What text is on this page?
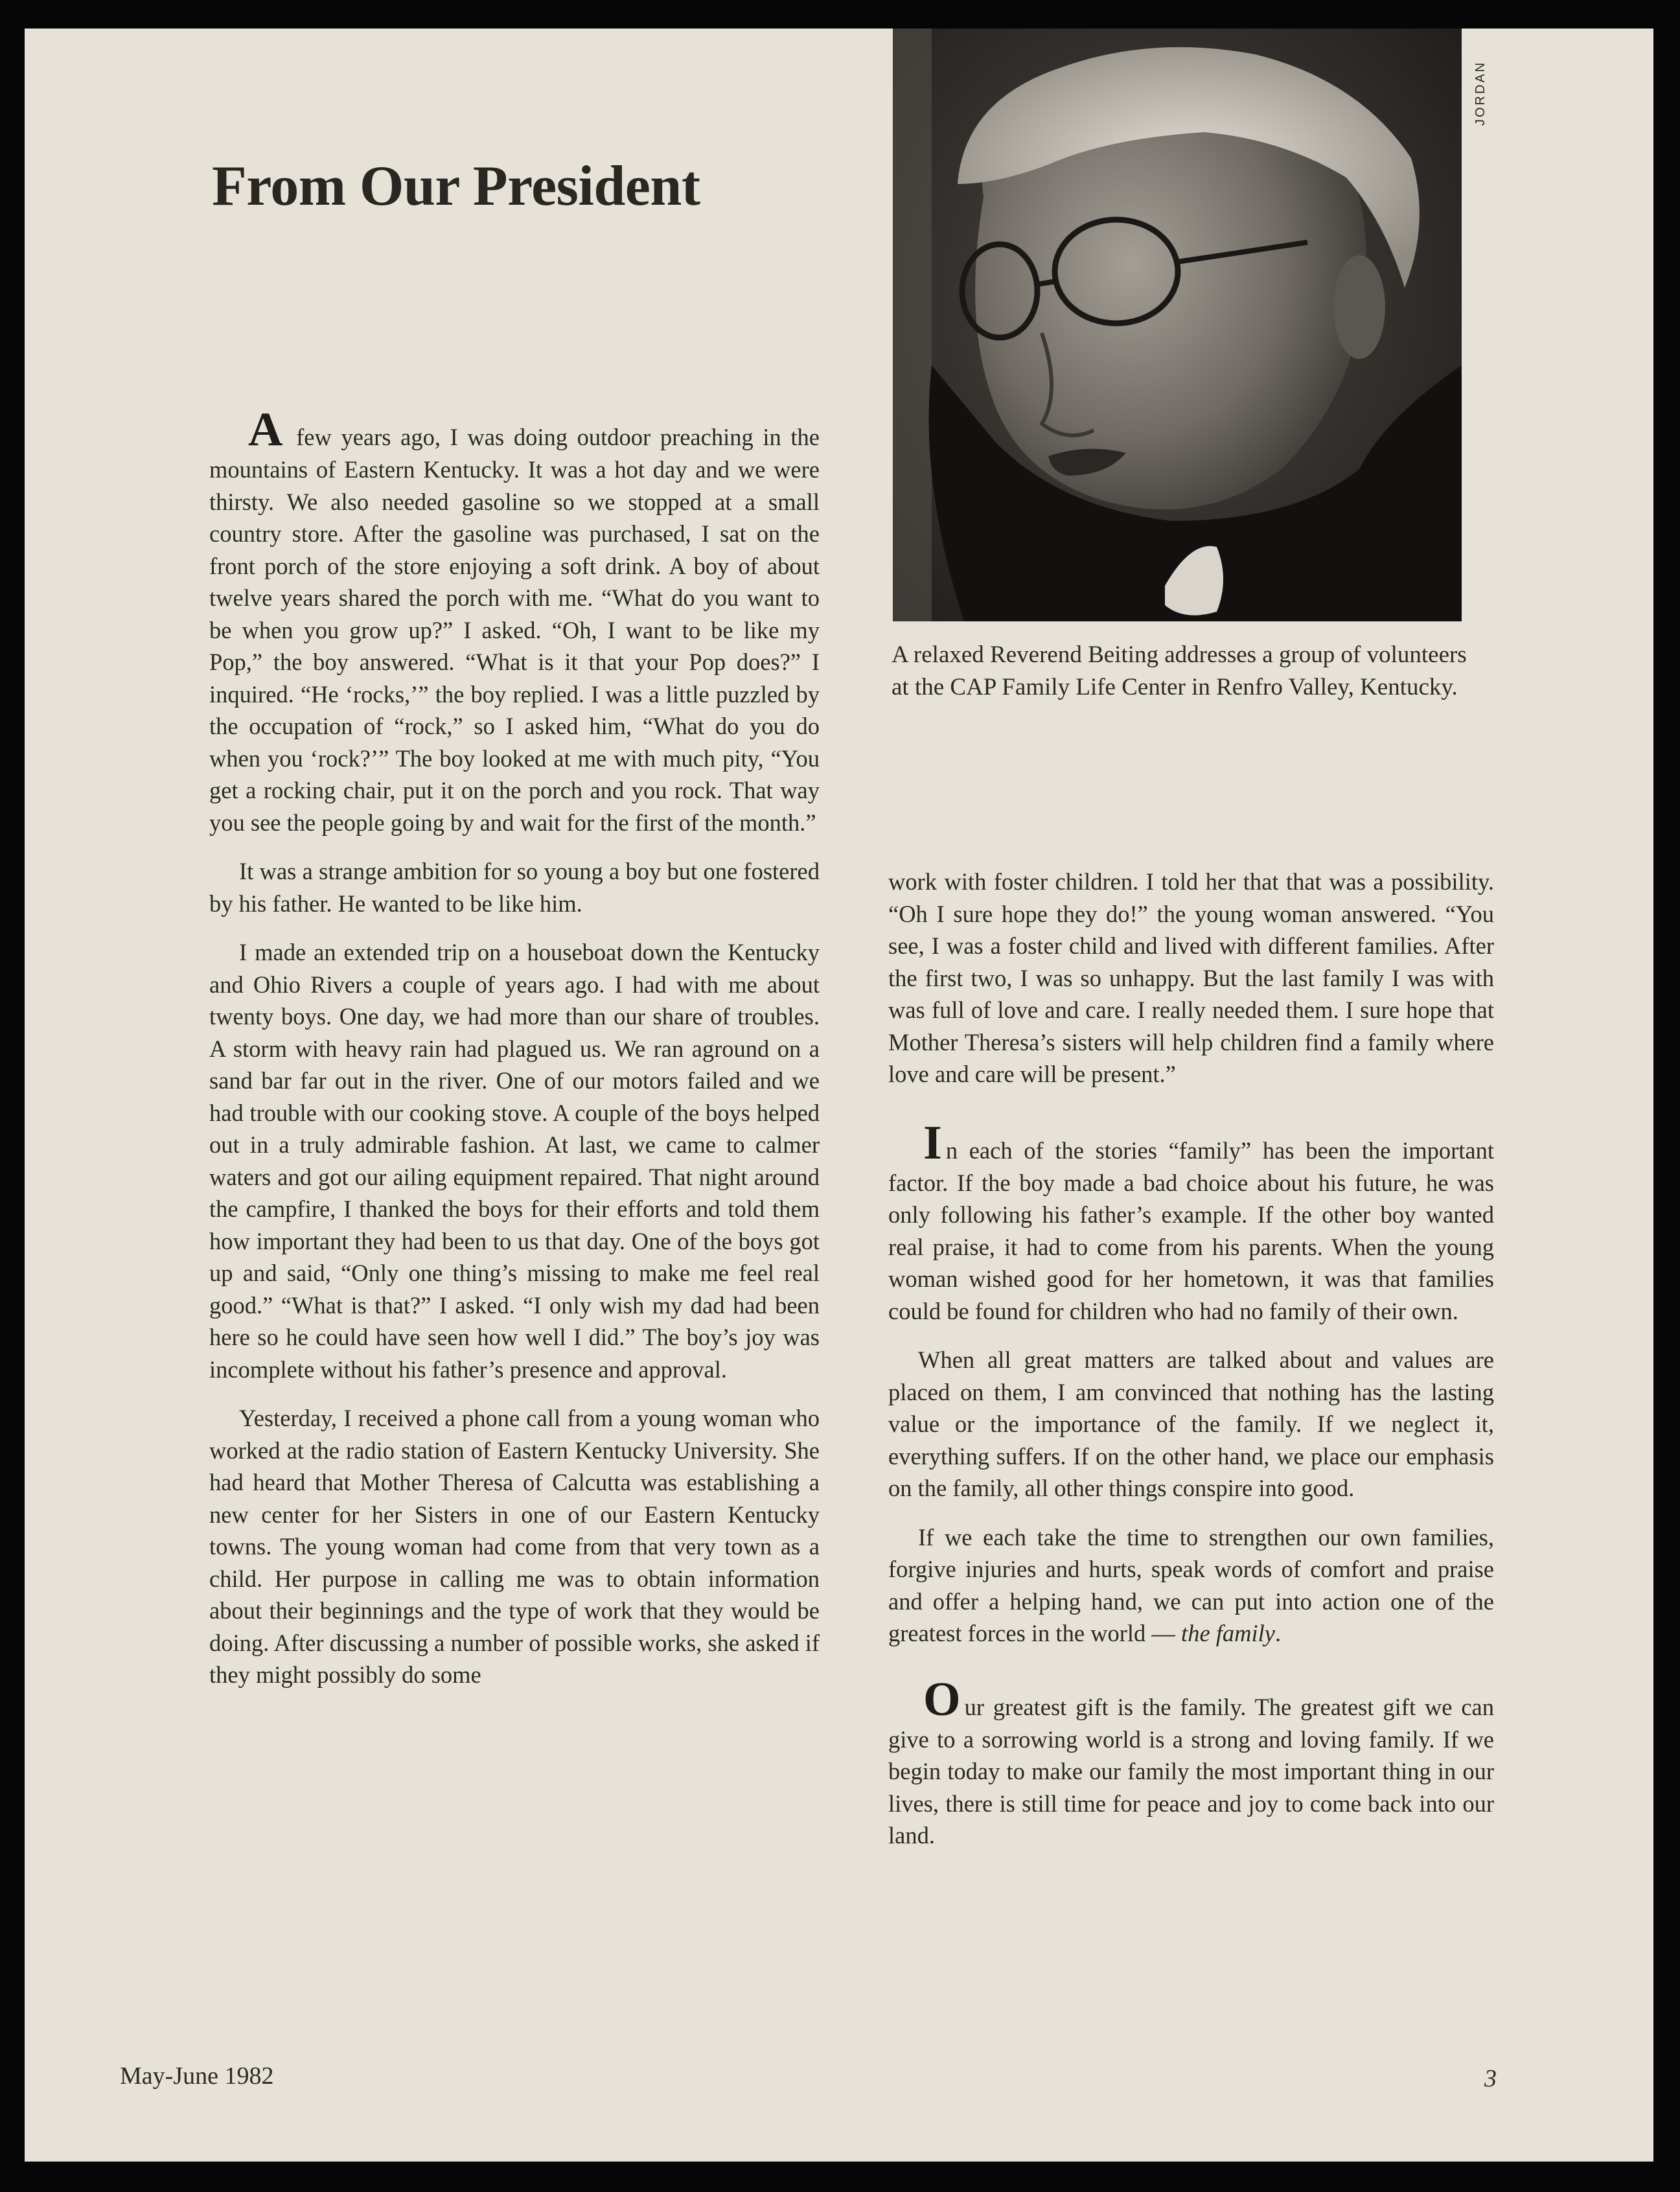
From Our President
JORDAN

A relaxed Reverend Beiting addresses a group of volunteers at the CAP Family Life Center in Renfro Valley, Kentucky.

A few years ago, I was doing outdoor preaching in the mountains of Eastern Kentucky. It was a hot day and we were thirsty. We also needed gasoline so we stopped at a small country store. After the gasoline was purchased, I sat on the front porch of the store enjoying a soft drink. A boy of about twelve years shared the porch with me. “What do you want to be when you grow up?” I asked. “Oh, I want to be like my Pop,” the boy answered. “What is it that your Pop does?” I inquired. “He ‘rocks,’” the boy replied. I was a little puzzled by the occupation of “rock,” so I asked him, “What do you do when you ‘rock?’” The boy looked at me with much pity, “You get a rocking chair, put it on the porch and you rock. That way you see the people going by and wait for the first of the month.”

It was a strange ambition for so young a boy but one fostered by his father. He wanted to be like him.

I made an extended trip on a houseboat down the Kentucky and Ohio Rivers a couple of years ago. I had with me about twenty boys. One day, we had more than our share of troubles. A storm with heavy rain had plagued us. We ran aground on a sand bar far out in the river. One of our motors failed and we had trouble with our cooking stove. A couple of the boys helped out in a truly admirable fashion. At last, we came to calmer waters and got our ailing equipment repaired. That night around the campfire, I thanked the boys for their efforts and told them how important they had been to us that day. One of the boys got up and said, “Only one thing’s missing to make me feel real good.” “What is that?” I asked. “I only wish my dad had been here so he could have seen how well I did.” The boy’s joy was incomplete without his father’s presence and approval.

Yesterday, I received a phone call from a young woman who worked at the radio station of Eastern Kentucky University. She had heard that Mother Theresa of Calcutta was establishing a new center for her Sisters in one of our Eastern Kentucky towns. The young woman had come from that very town as a child. Her purpose in calling me was to obtain information about their beginnings and the type of work that they would be doing. After discussing a number of possible works, she asked if they might possibly do some

work with foster children. I told her that that was a possibility. “Oh I sure hope they do!” the young woman answered. “You see, I was a foster child and lived with different families. After the first two, I was so unhappy. But the last family I was with was full of love and care. I really needed them. I sure hope that Mother Theresa’s sisters will help children find a family where love and care will be present.”

In each of the stories “family” has been the important factor. If the boy made a bad choice about his future, he was only following his father’s example. If the other boy wanted real praise, it had to come from his parents. When the young woman wished good for her hometown, it was that families could be found for children who had no family of their own.

When all great matters are talked about and values are placed on them, I am convinced that nothing has the lasting value or the importance of the family. If we neglect it, everything suffers. If on the other hand, we place our emphasis on the family, all other things conspire into good.

If we each take the time to strengthen our own families, forgive injuries and hurts, speak words of comfort and praise and offer a helping hand, we can put into action one of the greatest forces in the world — the family.

Our greatest gift is the family. The greatest gift we can give to a sorrowing world is a strong and loving family. If we begin today to make our family the most important thing in our lives, there is still time for peace and joy to come back into our land.

May-June 1982	3
